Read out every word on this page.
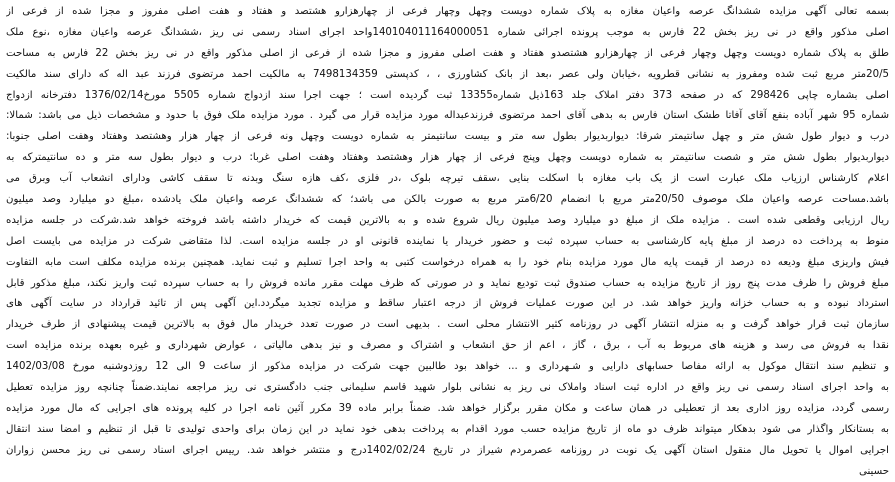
بسمه تعالی آگهی مزایده ششدانگ عرصه واعیان مغازه به پلاک شماره دویست وچهل وچهار فرعی از چهارهزارو هشتصد و هفتاد و هفت اصلی مفروز و مجزا شده از فرعی از
اصلی مذکور واقع در نی ریز بخش 22 فارس به موجب پرونده اجرائی شماره 140104011164000051واحد اجرای اسناد رسمی نی ریز ،ششدانگ عرصه واعیان مغازه ،نوع ملک
طلق به پلاک شماره دویست وچهل وچهار فرعی از چهارهزارو هشتصدو هفتاد و هفت اصلی مفروز و مجزا شده از فرعی از اصلی مذکور واقع در نی ریز بخش 22 فارس به مساحت
20/5متر مربع ثبت شده ومفروز به نشانی قطرویه ،خیابان ولی عصر ،بعد از بانک کشاورزی ، ، کدپستی 7498134359 به مالکیت احمد مرتضوی فرزند عبد اله که دارای سند مالکیت
اصلی بشماره چاپی 298426 که در صفحه 373 دفتر املاک جلد 163ذیل شماره13355 ثبت گردیده است ؛ جهت اجرا سند ازدواج شماره 5505 مورخ1376/02/14 دفترخانه ازدواج
شماره 95 شهر آباده بنفع آقای آفاتا طشک استان فارس به بدهی آقای احمد مرتضوی فرزندعبداله مورد مزایده قرار می گیرد . مورد مزایده ملک فوق با حدود و مشخصات ذیل می باشد: شمالا:
درب و دیوار طول شش متر و چهل سانتیمتر شرقا: دیواربدیوار بطول سه متر و بیست سانتیمتر به شماره دویست وچهل ونه فرعی از چهار هزار وهشتصد وهفتاد وهفت اصلی جنوبا:
دیواربدیوار بطول شش متر و شصت سانتیمتر به شماره دویست وچهل وپنج فرعی از چهار هزار وهشتصد وهفتاد وهفت اصلی غربا: درب و دیوار بطول سه متر و ده سانتیمترکه به
اعلام کارشناس ارزیاب ملک عبارت است از یک باب مغازه با اسکلت بنایی ،سقف تیرچه بلوک ،در فلزی ،کف هازه سنگ وبدنه تا سقف کاشی ودارای انشعاب آب وبرق می
باشد.مساحت عرصه واعیان ملک موصوف 20/50متر مربع با انضمام 6/20متر مربع به صورت بالکن می باشد؛ که ششدانگ عرصه واعیان ملک یادشده ،مبلغ دو میلیارد وصد میلیون
ریال ارزیابی وقطعی شده است . مزایده ملک از مبلغ دو میلیارد وصد میلیون ریال شروع شده و به بالاترین قیمت که خریدار داشته باشد فروخته خواهد شد.شرکت در جلسه مزایده
منوط به پرداخت ده درصد از مبلغ پایه کارشناسی به حساب سپرده ثبت و حضور خریدار یا نماینده قانونی او در جلسه مزایده است. لذا متقاضی شرکت در مزایده می بایست اصل
فیش واریزی مبلغ ودیعه ده درصد از قیمت پایه مال مورد مزایده بنام خود را به همراه درخواست کتبی به واحد اجرا تسلیم و ثبت نماید. همچنین برنده مزایده مکلف است مابه التفاوت
مبلغ فروش را ظرف مدت پنج روز از تاریخ مزایده به حساب صندوق ثبت توديع نماید و در صورتی که ظرف مهلت مقرر مانده فروش را به حساب سپرده ثبت واریز نکند، مبلغ مذکور قابل
استرداد نبوده و به حساب خزانه واریز خواهد شد. در این صورت عملیات فروش از درجه اعتبار ساقط و مزایده تجدید میگردد.این آگهی پس از تائید قرارداد در سایت آگهی های
سازمان ثبت قرار خواهد گرفت و به منزله انتشار آگهی در روزنامه کثیر الانتشار محلی است . بدیهی است در صورت تعدد خریدار مال فوق به بالاترین قیمت پیشنهادی از طرف خریدار
نقدا به فروش می رسد و هزینه های مربوط به آب ، برق ، گاز ، اعم از حق انشعاب و اشتراک و مصرف و نیز بدهی مالیاتی ، عوارض شهرداری و غیره بعهده برنده مزایده است
و تنظیم سند انتقال موکول به ارائه مفاصا حسابهای دارایی و شـهرداری و ... خواهد بود طالبین جهت شرکت در مزایده مذکور از ساعت 9 الی 12 روزدوشنبه مورخ 1402/03/08
به واحد اجرای اسناد رسمی نی ریز واقع در اداره ثبت اسناد واملاک نی ریز به نشانی بلوار شهید قاسم سلیمانی جنب دادگستری نی ریز مراجعه نمایند.ضمناً چنانچه روز مزایده تعطیل
رسمی گردد، مزایده روز اداری بعد از تعطیلی در همان ساعت و مکان مقرر برگزار خواهد شد. ضمناً برابر ماده 39 مکرر آئین نامه اجرا در کلیه پرونده های اجرایی که مال مورد مزایده
به بستانکار واگذار می شود بدهکار میتواند ظرف دو ماه از تاریخ مزایده حسب مورد اقدام به پرداخت بدهی خود نماید در این زمان برای واحدی تولیدی تا قبل از تنظیم و امضا سند انتقال
اجرایی اموال یا تحویل مال منقول استان آگهی یک نوبت در روزنامه عصرمردم شیراز در تاریخ 1402/02/24درج و منتشر خواهد شد. رییس اجرای اسناد رسمی نی ریز محسن زواران
حسینی
